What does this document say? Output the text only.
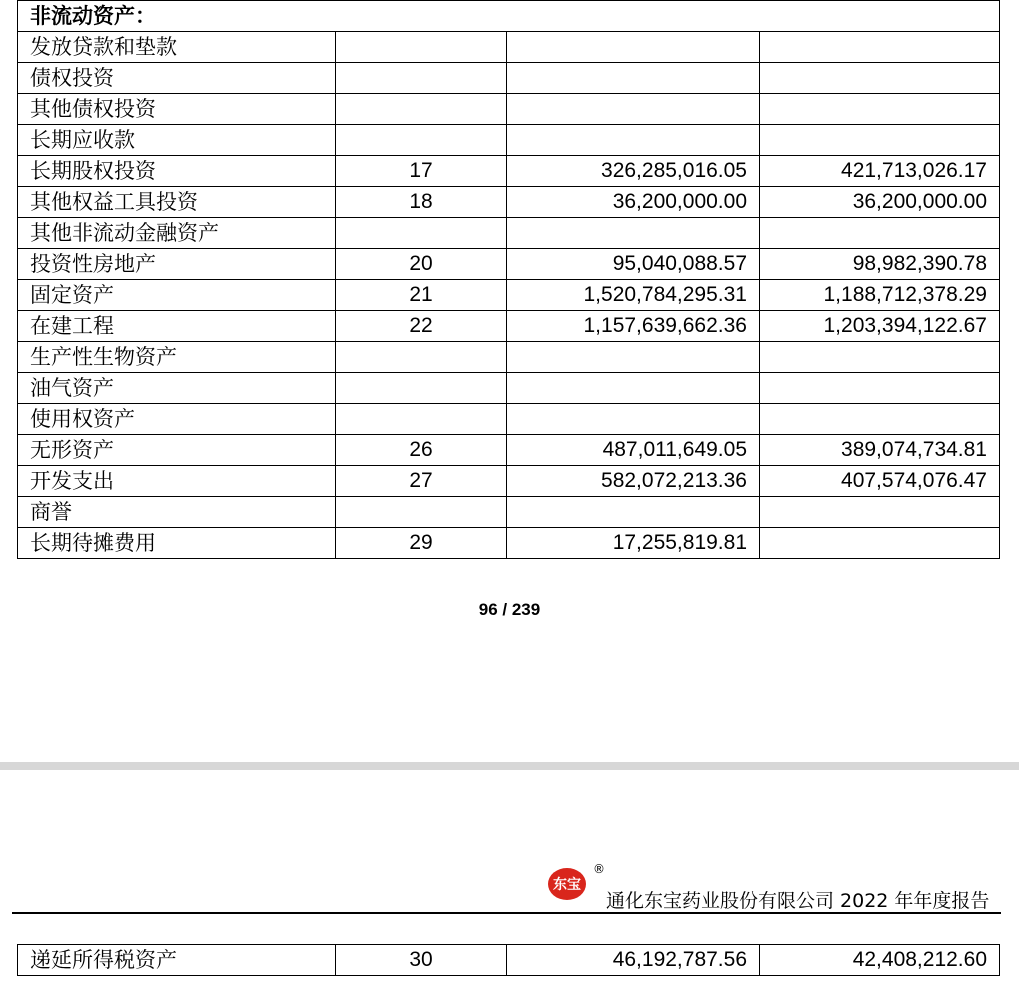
非流动资产：			
发放贷款和垫款			
债权投资			
其他债权投资			
长期应收款			
长期股权投资	17	326,285,016.05	421,713,026.17
其他权益工具投资	18	36,200,000.00	36,200,000.00
其他非流动金融资产			
投资性房地产	20	95,040,088.57	98,982,390.78
固定资产	21	1,520,784,295.31	1,188,712,378.29
在建工程	22	1,157,639,662.36	1,203,394,122.67
生产性生物资产			
油气资产			
使用权资产			
无形资产	26	487,011,649.05	389,074,734.81
开发支出	27	582,072,213.36	407,574,076.47
商誉			
长期待摊费用	29	17,255,819.81	
96 / 239
东宝
®
通化东宝药业股份有限公司 2022 年年度报告
递延所得税资产	30	46,192,787.56	42,408,212.60
